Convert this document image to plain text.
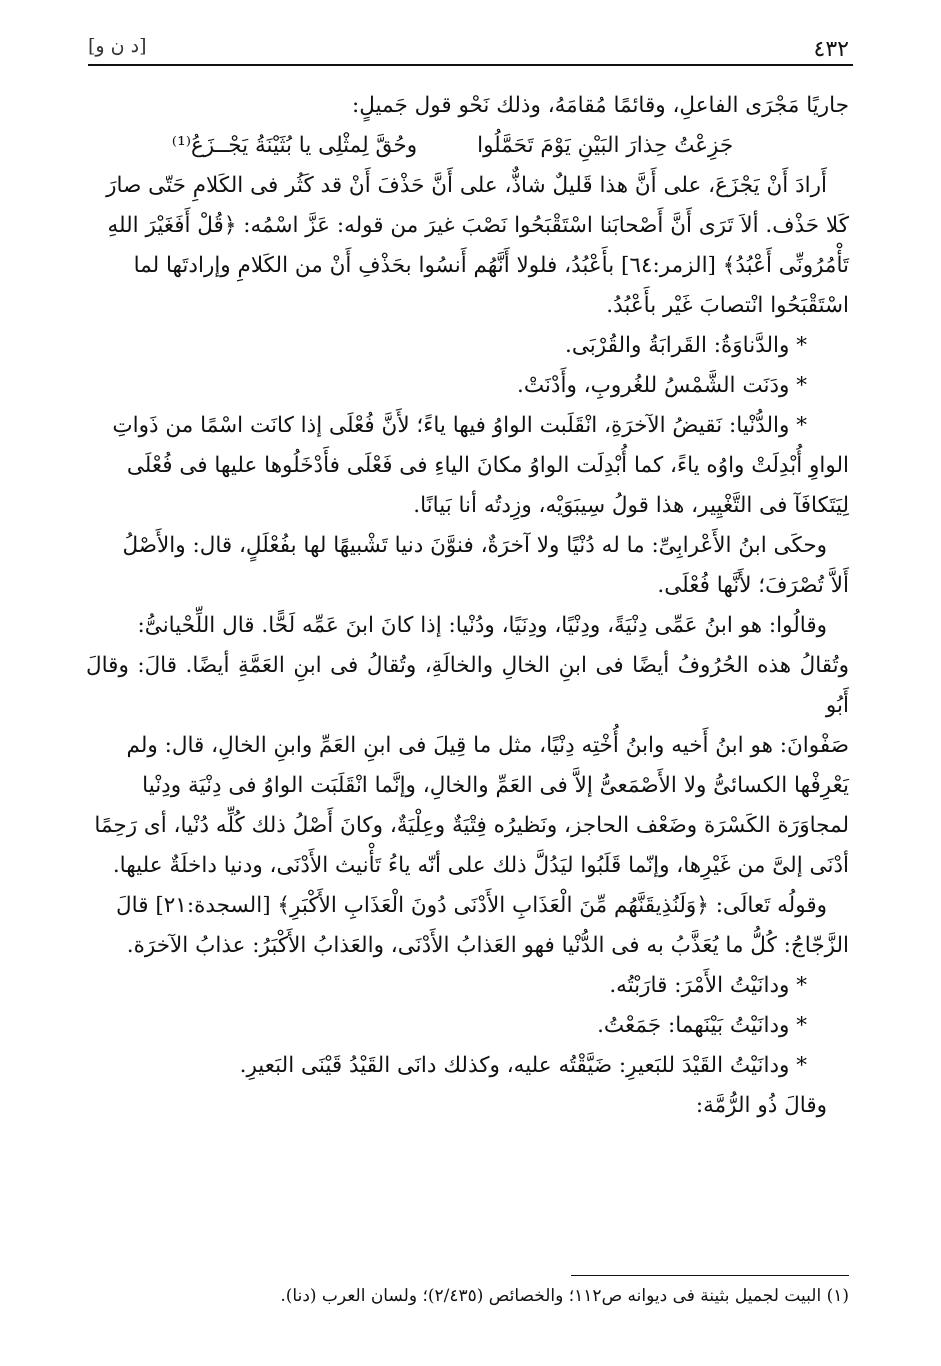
٤٣٢
[د ن و]

جاريًا مَجْرَى الفاعلِ، وقائمًا مُقامَهُ، وذلك نَحْو قول جَميلٍ:

جَزِعْتُ حِذارَ البَيْنِ يَوْمَ تَحَمَّلُوا
وحُقَّ لِمثْلِى يا بُثَيْنَةُ يَجْــزَعُ⁽¹⁾

أَرادَ أَنْ يَجْزَعَ، على أَنَّ هذا قَليلٌ شاذٌّ، على أَنَّ حَذْفَ أَنْ قد كَثُر فى الكَلامِ حَتّى صارَ

كَلا حَذْف. ألاَ تَرَى أَنَّ أَصْحابَنا اسْتَقْبَحُوا نَصْبَ غيرَ من قوله: عَزَّ اسْمُه: ﴿قُلْ أَفَغَيْرَ اللهِ

تَأْمُرُونِّى أَعْبُدُ﴾ [الزمر:٦٤] بأَعْبُدُ، فلولا أَنَّهُم أَنسُوا بحَذْفِ أَنْ من الكَلامِ وإرادتَها لما

اسْتَقْبَحُوا انْتصابَ غَيْر بأَعْبُدُ.

* والدَّناوَةُ: القَرابَةُ والقُرْبَى.

* ودَنَت الشَّمْسُ للغُروبِ، وأَدْنَتْ.

* والدُّنْيا: نَقيضُ الآخرَةِ، انْقَلَبت الواوُ فيها ياءً؛ لأَنَّ فُعْلَى إذا كانَت اسْمًا من ذَواتِ

الواوِ أُبْدِلَتْ واوُه ياءً، كما أُبْدِلَت الواوُ مكانَ الياءِ فى فَعْلَى فأَدْخَلُوها عليها فى فُعْلَى

لِيَتَكافَآ فى التَّغْيِير، هذا قولُ سِيبَوَيْه، وزِدتُه أنا بَيانًا.

وحكَى ابنُ الأَعْرابِىِّ: ما له دُنْيًا ولا آخرَةٌ، فنوَّنَ دنيا تَشْبيهًا لها بفُعْلَلٍ، قال: والأَصْلُ

أَلاَّ تُصْرَفَ؛ لأَنَّها فُعْلَى.

وقالُوا: هو ابنُ عَمِّى دِنْيَةً، ودِنْيًا، ودِنَيًا، ودُنْيا: إذا كانَ ابنَ عَمِّه لَحًّا. قال اللِّحْيانىُّ:

وتُقالُ هذه الحُرُوفُ أيضًا فى ابنِ الخالِ والخالَةِ، وتُقالُ فى ابنِ العَمَّةِ أيضًا. قالَ: وقالَ أَبُو

صَفْوانَ: هو ابنُ أَخيه وابنُ أُخْتِه دِنْيًا، مثل ما قِيلَ فى ابنِ العَمِّ وابنِ الخالِ، قال: ولم

يَعْرِفْها الكسائىُّ ولا الأَصْمَعىُّ إلاَّ فى العَمِّ والخالِ، وإنَّما انْقَلَبَت الواوُ فى دِنْيَة ودِنْيا

لمجاوَرَة الكَسْرَة وضَعْف الحاجز، ونَظيرُه فِتْيَةٌ وعِلْيَةٌ، وكانَ أَصْلُ ذلك كُلِّه دُنْيا، أى رَحِمًا

أدْنَى إلىَّ من غَيْرِها، وإنّما قَلَبُوا ليَدُلَّ ذلك على أنّه ياءُ تَأْنيث الأَدْنَى، ودنيا داخلَةٌ عليها.

وقولُه تَعالَى: ﴿وَلَنُذِيقَنَّهُم مِّنَ الْعَذَابِ الأَدْنَى دُونَ الْعَذَابِ الأَكْبَرِ﴾ [السجدة:٢١] قالَ

الزَّجّاجُ: كُلُّ ما يُعَذَّبُ به فى الدُّنْيا فهو العَذابُ الأَدْنَى، والعَذابُ الأَكْبَرُ: عذابُ الآخرَة.

* ودانَيْتُ الأَمْرَ: قارَبْتُه.

* ودانَيْتُ بَيْنَهما: جَمَعْتُ.

* ودانَيْتُ القَيْدَ للبَعيرِ: ضَيَّقْتُه عليه، وكذلك دانَى القَيْدُ قَيْنَى البَعيرِ.

وقالَ ذُو الرُّمَّة:

(١) البيت لجميل بثينة فى ديوانه ص١١٢؛ والخصائص (٢/٤٣٥)؛ ولسان العرب (دنا).
